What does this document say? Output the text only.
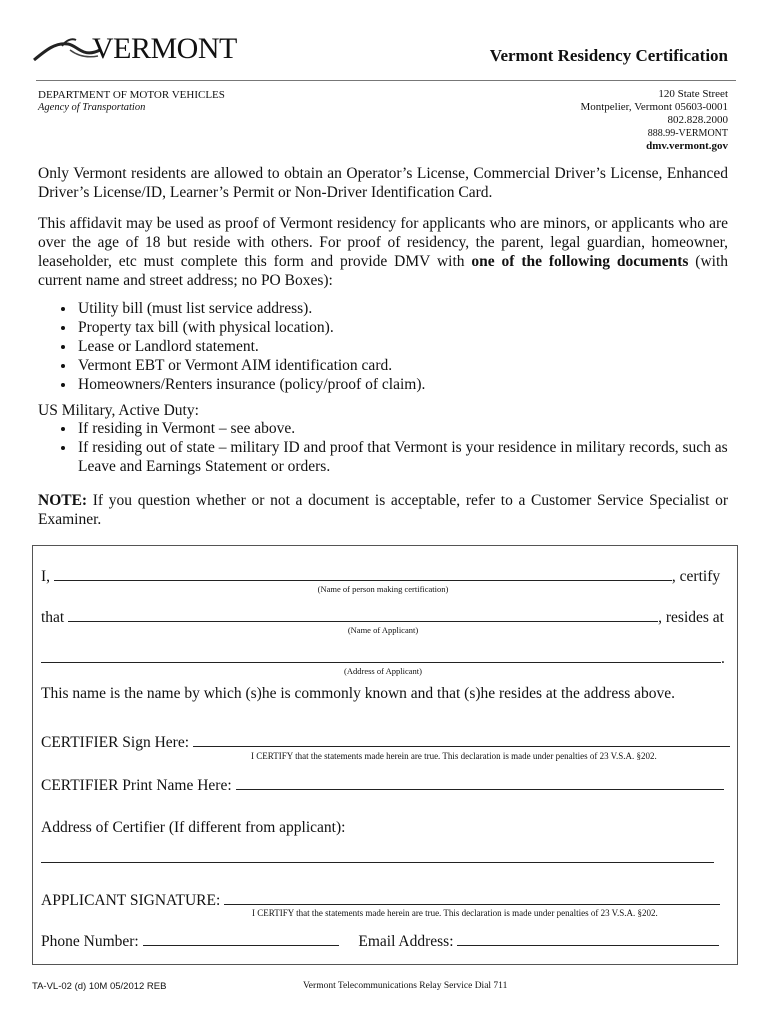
VERMONT	Vermont Residency Certification
DEPARTMENT OF MOTOR VEHICLES
Agency of Transportation
120 State Street
Montpelier, Vermont 05603-0001
802.828.2000
888.99-VERMONT
dmv.vermont.gov
Only Vermont residents are allowed to obtain an Operator’s License, Commercial Driver’s License, Enhanced Driver’s License/ID, Learner’s Permit or Non-Driver Identification Card.
This affidavit may be used as proof of Vermont residency for applicants who are minors, or applicants who are over the age of 18 but reside with others. For proof of residency, the parent, legal guardian, homeowner, leaseholder, etc must complete this form and provide DMV with one of the following documents (with current name and street address; no PO Boxes):
• Utility bill (must list service address).
• Property tax bill (with physical location).
• Lease or Landlord statement.
• Vermont EBT or Vermont AIM identification card.
• Homeowners/Renters insurance (policy/proof of claim).
US Military, Active Duty:
• If residing in Vermont – see above.
• If residing out of state – military ID and proof that Vermont is your residence in military records, such as Leave and Earnings Statement or orders.
NOTE: If you question whether or not a document is acceptable, refer to a Customer Service Specialist or Examiner.
I,	, certify
(Name of person making certification)
that	, resides at
(Name of Applicant)
.
(Address of Applicant)
This name is the name by which (s)he is commonly known and that (s)he resides at the address above.
CERTIFIER Sign Here:
I CERTIFY that the statements made herein are true. This declaration is made under penalties of 23 V.S.A. §202.
CERTIFIER Print Name Here:
Address of Certifier (If different from applicant):
APPLICANT SIGNATURE:
I CERTIFY that the statements made herein are true. This declaration is made under penalties of 23 V.S.A. §202.
Phone Number:	Email Address:
TA-VL-02 (d) 10M 05/2012 REB	Vermont Telecommunications Relay Service Dial 711
